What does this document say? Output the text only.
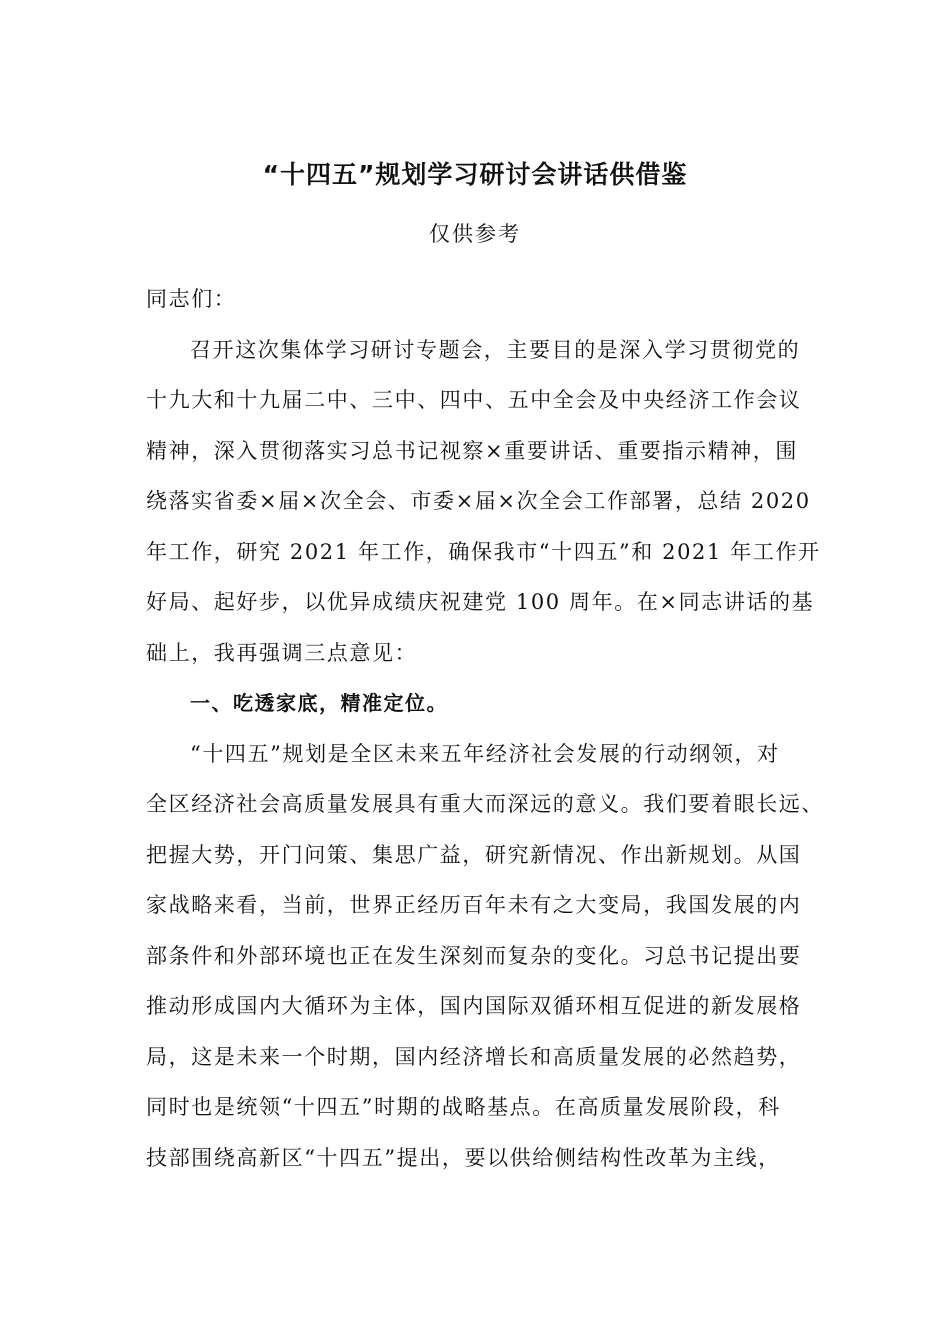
“十四五”规划学习研讨会讲话供借鉴
仅供参考
同志们：
召开这次集体学习研讨专题会，主要目的是深入学习贯彻党的
十九大和十九届二中、三中、四中、五中全会及中央经济工作会议
精神，深入贯彻落实习总书记视察×重要讲话、重要指示精神，围
绕落实省委×届×次全会、市委×届×次全会工作部署，总结 2020
年工作，研究 2021 年工作，确保我市“十四五”和 2021 年工作开
好局、起好步，以优异成绩庆祝建党 100 周年。在×同志讲话的基
础上，我再强调三点意见：
一、吃透家底，精准定位。
“十四五”规划是全区未来五年经济社会发展的行动纲领，对
全区经济社会高质量发展具有重大而深远的意义。我们要着眼长远、
把握大势，开门问策、集思广益，研究新情况、作出新规划。从国
家战略来看，当前，世界正经历百年未有之大变局，我国发展的内
部条件和外部环境也正在发生深刻而复杂的变化。习总书记提出要
推动形成国内大循环为主体，国内国际双循环相互促进的新发展格
局，这是未来一个时期，国内经济增长和高质量发展的必然趋势，
同时也是统领“十四五”时期的战略基点。在高质量发展阶段，科
技部围绕高新区“十四五”提出，要以供给侧结构性改革为主线，
